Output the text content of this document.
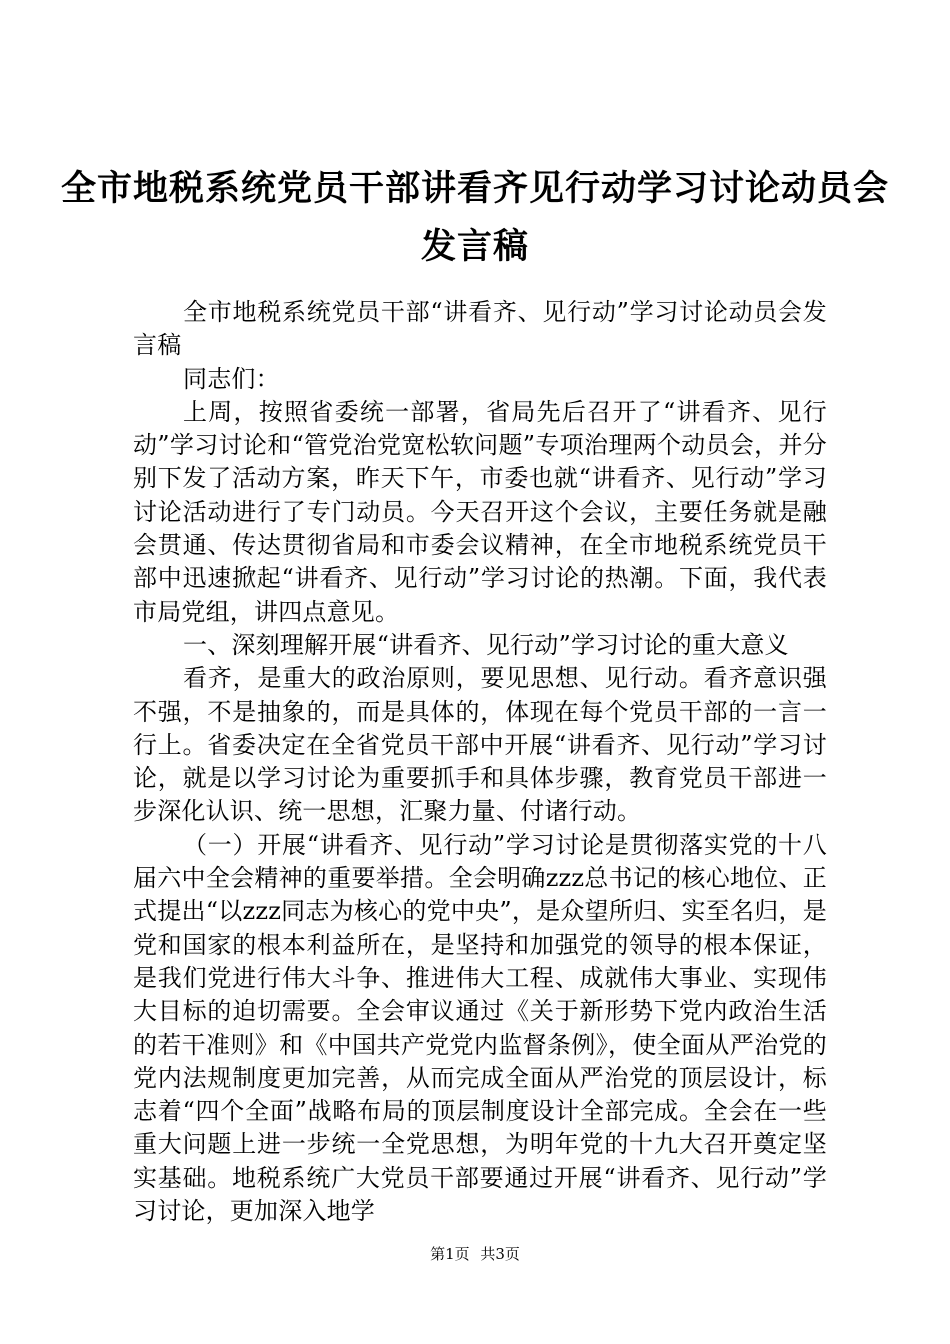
全市地税系统党员干部讲看齐见行动学习讨论动员会发言稿

全市地税系统党员干部“讲看齐、见行动”学习讨论动员会发言稿

同志们：

上周，按照省委统一部署，省局先后召开了“讲看齐、见行动”学习讨论和“管党治党宽松软问题”专项治理两个动员会，并分别下发了活动方案，昨天下午，市委也就“讲看齐、见行动”学习讨论活动进行了专门动员。今天召开这个会议，主要任务就是融会贯通、传达贯彻省局和市委会议精神，在全市地税系统党员干部中迅速掀起“讲看齐、见行动”学习讨论的热潮。下面，我代表市局党组，讲四点意见。

一、深刻理解开展“讲看齐、见行动”学习讨论的重大意义

看齐，是重大的政治原则，要见思想、见行动。看齐意识强不强，不是抽象的，而是具体的，体现在每个党员干部的一言一行上。省委决定在全省党员干部中开展“讲看齐、见行动”学习讨论，就是以学习讨论为重要抓手和具体步骤，教育党员干部进一步深化认识、统一思想，汇聚力量、付诸行动。

（一）开展“讲看齐、见行动”学习讨论是贯彻落实党的十八届六中全会精神的重要举措。全会明确zzz总书记的核心地位、正式提出“以zzz同志为核心的党中央”，是众望所归、实至名归，是党和国家的根本利益所在，是坚持和加强党的领导的根本保证，是我们党进行伟大斗争、推进伟大工程、成就伟大事业、实现伟大目标的迫切需要。全会审议通过《关于新形势下党内政治生活的若干准则》和《中国共产党党内监督条例》，使全面从严治党的党内法规制度更加完善，从而完成全面从严治党的顶层设计，标志着“四个全面”战略布局的顶层制度设计全部完成。全会在一些重大问题上进一步统一全党思想，为明年党的十九大召开奠定坚实基础。地税系统广大党员干部要通过开展“讲看齐、见行动”学习讨论，更加深入地学

第1页 共3页
